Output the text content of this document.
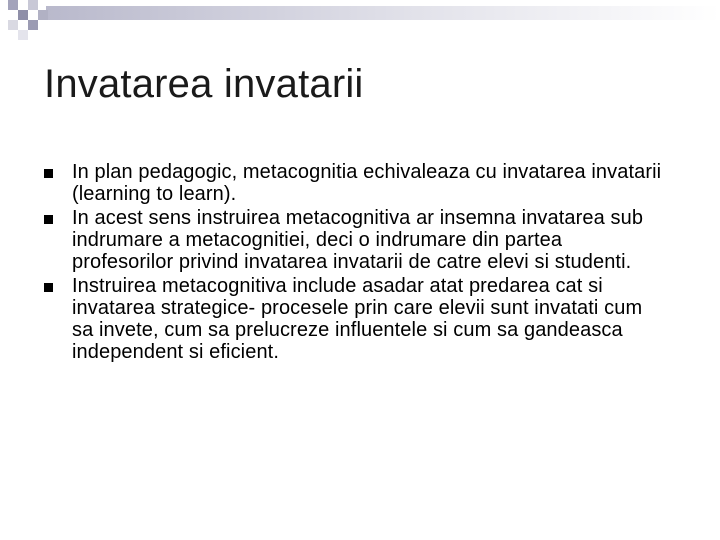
Invatarea invatarii
In plan pedagogic, metacognitia echivaleaza cu invatarea invatarii (learning to learn).
In acest sens instruirea metacognitiva ar insemna invatarea sub indrumare a metacognitiei, deci o indrumare din partea profesorilor privind invatarea invatarii de catre elevi si studenti.
Instruirea metacognitiva include asadar atat predarea cat si invatarea strategice- procesele prin care elevii sunt invatati cum sa invete, cum sa prelucreze influentele si cum sa gandeasca independent si eficient.
